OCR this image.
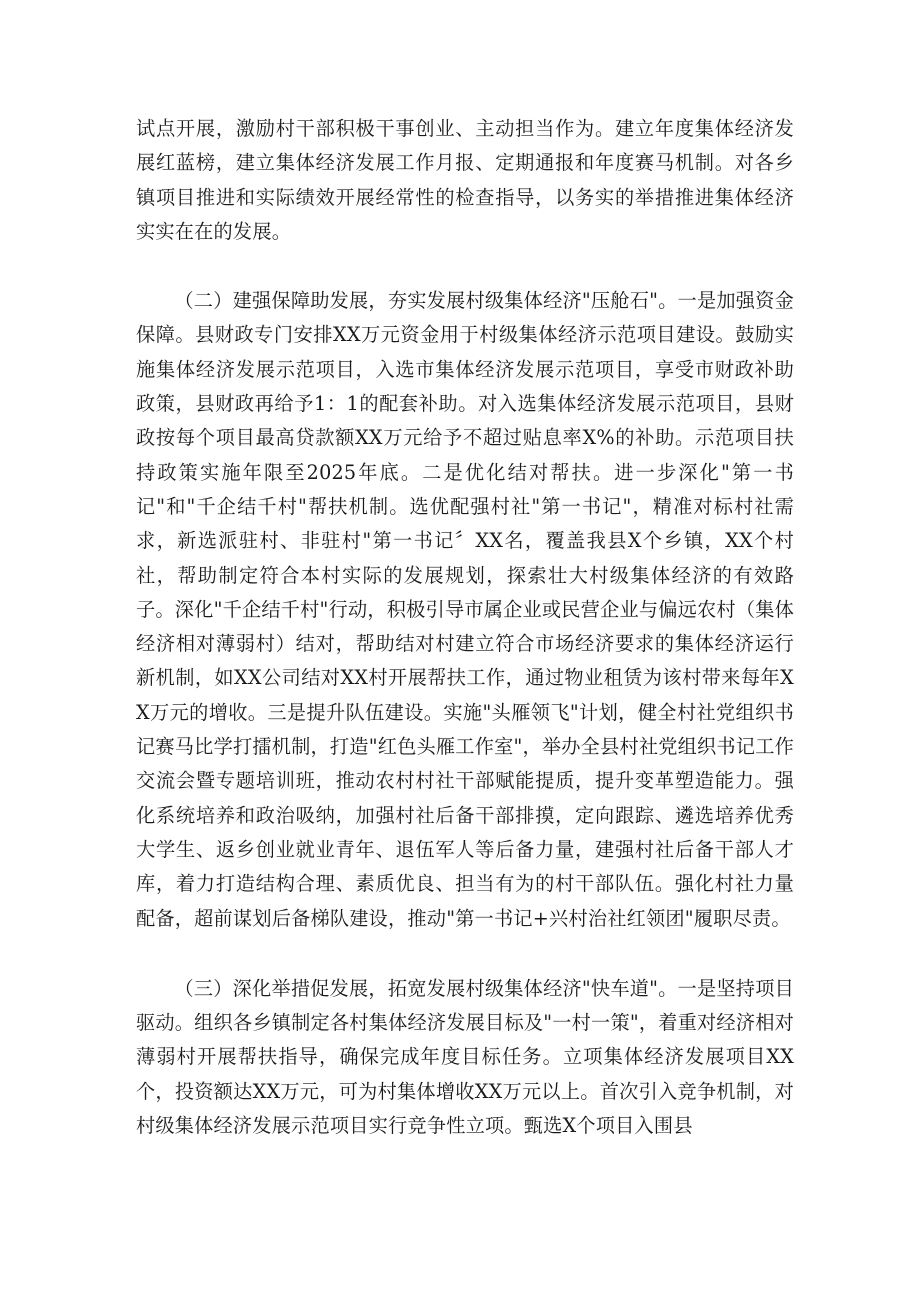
试点开展，激励村干部积极干事创业、主动担当作为。建立年度集体经济发展红蓝榜，建立集体经济发展工作月报、定期通报和年度赛马机制。对各乡镇项目推进和实际绩效开展经常性的检查指导，以务实的举措推进集体经济实实在在的发展。

（二）建强保障助发展，夯实发展村级集体经济"压舱石"。一是加强资金保障。县财政专门安排XX万元资金用于村级集体经济示范项目建设。鼓励实施集体经济发展示范项目，入选市集体经济发展示范项目，享受市财政补助政策，县财政再给予1：1的配套补助。对入选集体经济发展示范项目，县财政按每个项目最高贷款额XX万元给予不超过贴息率X%的补助。示范项目扶持政策实施年限至2025年底。二是优化结对帮扶。进一步深化"第一书记"和"千企结千村"帮扶机制。选优配强村社"第一书记"，精准对标村社需求，新选派驻村、非驻村"第一书记〞XX名，覆盖我县X个乡镇，XX个村社，帮助制定符合本村实际的发展规划，探索壮大村级集体经济的有效路子。深化"千企结千村"行动，积极引导市属企业或民营企业与偏远农村（集体经济相对薄弱村）结对，帮助结对村建立符合市场经济要求的集体经济运行新机制，如XX公司结对XX村开展帮扶工作，通过物业租赁为该村带来每年XX万元的增收。三是提升队伍建设。实施"头雁领飞"计划，健全村社党组织书记赛马比学打擂机制，打造"红色头雁工作室"，举办全县村社党组织书记工作交流会暨专题培训班，推动农村村社干部赋能提质，提升变革塑造能力。强化系统培养和政治吸纳，加强村社后备干部排摸，定向跟踪、遴选培养优秀大学生、返乡创业就业青年、退伍军人等后备力量，建强村社后备干部人才库，着力打造结构合理、素质优良、担当有为的村干部队伍。强化村社力量配备，超前谋划后备梯队建设，推动"第一书记+兴村治社红领团"履职尽责。

（三）深化举措促发展，拓宽发展村级集体经济"快车道"。一是坚持项目驱动。组织各乡镇制定各村集体经济发展目标及"一村一策"，着重对经济相对薄弱村开展帮扶指导，确保完成年度目标任务。立项集体经济发展项目XX个，投资额达XX万元，可为村集体增收XX万元以上。首次引入竞争机制，对村级集体经济发展示范项目实行竞争性立项。甄选X个项目入围县
